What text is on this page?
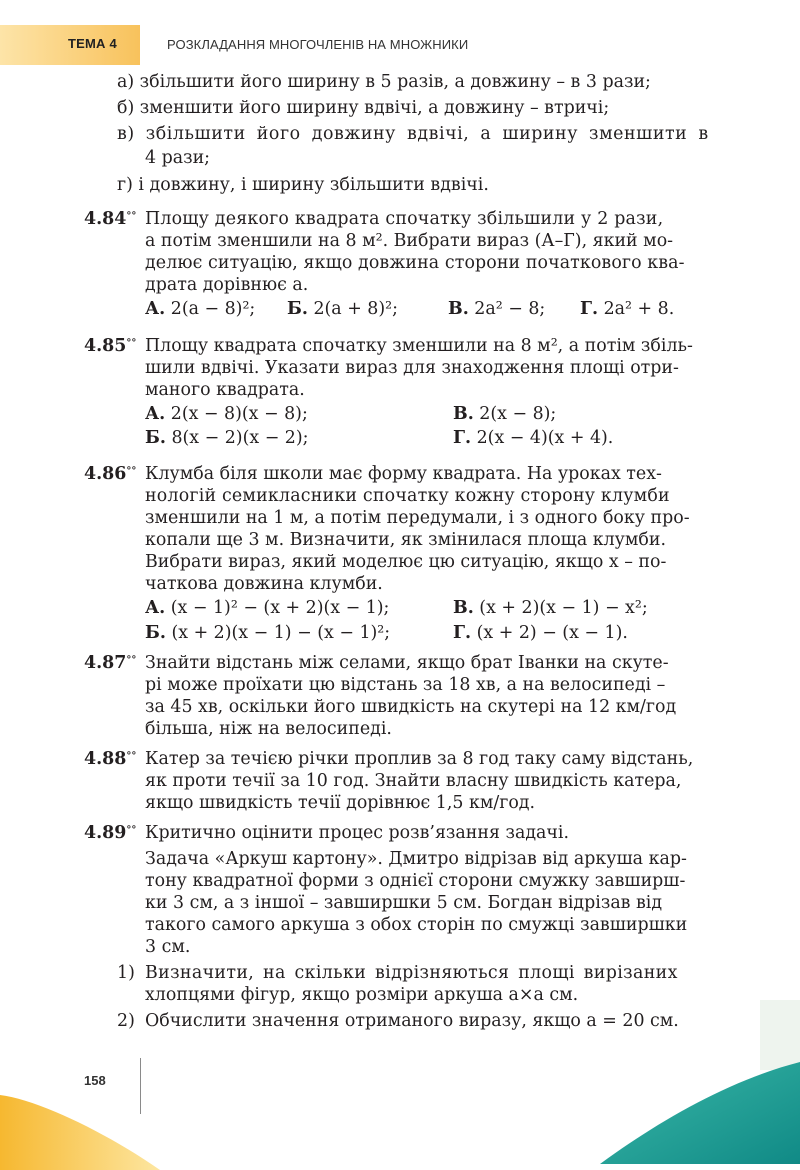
ТЕМА 4	РОЗКЛАДАННЯ МНОГОЧЛЕНІВ НА МНОЖНИКИ
а) збільшити його ширину в 5 разів, а довжину – в 3 рази;
б) зменшити його ширину вдвічі, а довжину – втричі;
в) збільшити його довжину вдвічі, а ширину зменшити в
4 рази;
г) і довжину, і ширину збільшити вдвічі.
4.84°° Площу деякого квадрата спочатку збільшили у 2 рази,
а потім зменшили на 8 м². Вибрати вираз (А–Г), який мо-
делює ситуацію, якщо довжина сторони початкового ква-
драта дорівнює a.
А. 2(a − 8)²; Б. 2(a + 8)²;	В. 2a² − 8; Г. 2a² + 8.
4.85°° Площу квадрата спочатку зменшили на 8 м², а потім збіль-
шили вдвічі. Указати вираз для знаходження площі отри-
маного квадрата.
А. 2(x − 8)(x − 8);	В. 2(x − 8);
Б. 8(x − 2)(x − 2);	Г. 2(x − 4)(x + 4).
4.86°° Клумба біля школи має форму квадрата. На уроках тех-
нологій семикласники спочатку кожну сторону клумби
зменшили на 1 м, а потім передумали, і з одного боку про-
копали ще 3 м. Визначити, як змінилася площа клумби.
Вибрати вираз, який моделює цю ситуацію, якщо x – по-
чаткова довжина клумби.
А. (x − 1)² − (x + 2)(x − 1);	В. (x + 2)(x − 1) − x²;
Б. (x + 2)(x − 1) − (x − 1)²;	Г. (x + 2) − (x − 1).
4.87°° Знайти відстань між селами, якщо брат Іванки на скуте-
рі може проїхати цю відстань за 18 хв, а на велосипеді –
за 45 хв, оскільки його швидкість на скутері на 12 км/год
більша, ніж на велосипеді.
4.88°° Катер за течією річки проплив за 8 год таку саму відстань,
як проти течії за 10 год. Знайти власну швидкість катера,
якщо швидкість течії дорівнює 1,5 км/год.
4.89°° Критично оцінити процес розв’язання задачі.
Задача «Аркуш картону». Дмитро відрізав від аркуша кар-
тону квадратної форми з однієї сторони смужку завширш-
ки 3 см, а з іншої – завширшки 5 см. Богдан відрізав від
такого самого аркуша з обох сторін по смужці завширшки
3 см.
1) Визначити, на скільки відрізняються площі вирізаних
хлопцями фігур, якщо розміри аркуша a×a см.
2) Обчислити значення отриманого виразу, якщо a = 20 см.
158
